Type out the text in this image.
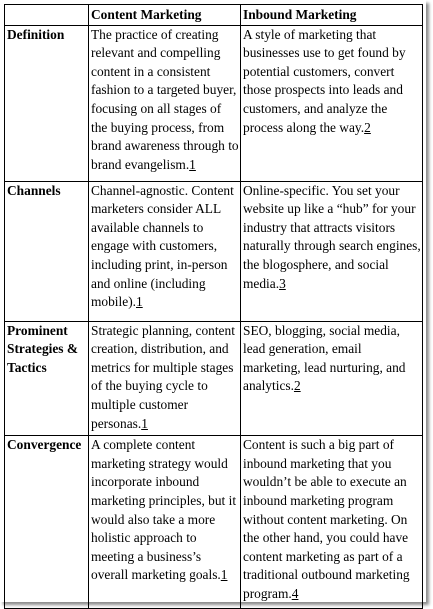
	Content Marketing	Inbound Marketing
Definition	The practice of creating relevant and compelling content in a consistent fashion to a targeted buyer, focusing on all stages of the buying process, from brand awareness through to brand evangelism.1	A style of marketing that businesses use to get found by potential customers, convert those prospects into leads and customers, and analyze the process along the way.2
Channels	Channel-agnostic. Content marketers consider ALL available channels to engage with customers, including print, in-person and online (including mobile).1	Online-specific. You set your website up like a “hub” for your industry that attracts visitors naturally through search engines, the blogosphere, and social media.3
Prominent Strategies & Tactics	Strategic planning, content creation, distribution, and metrics for multiple stages of the buying cycle to multiple customer personas.1	SEO, blogging, social media, lead generation, email marketing, lead nurturing, and analytics.2
Convergence	A complete content marketing strategy would incorporate inbound marketing principles, but it would also take a more holistic approach to meeting a business’s overall marketing goals.1	Content is such a big part of inbound marketing that you wouldn’t be able to execute an inbound marketing program without content marketing. On the other hand, you could have content marketing as part of a traditional outbound marketing program.4
